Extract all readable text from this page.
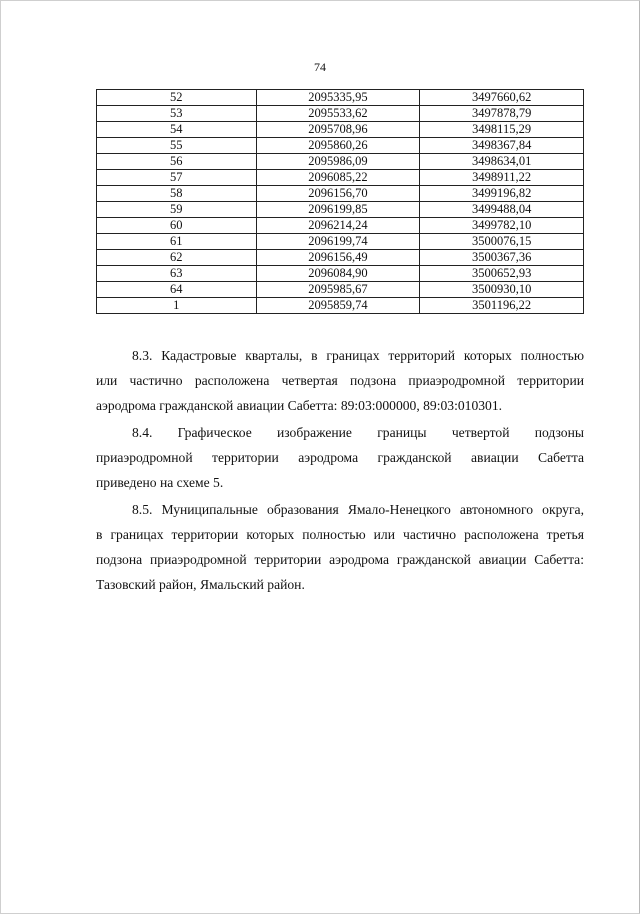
74
52	2095335,95	3497660,62
53	2095533,62	3497878,79
54	2095708,96	3498115,29
55	2095860,26	3498367,84
56	2095986,09	3498634,01
57	2096085,22	3498911,22
58	2096156,70	3499196,82
59	2096199,85	3499488,04
60	2096214,24	3499782,10
61	2096199,74	3500076,15
62	2096156,49	3500367,36
63	2096084,90	3500652,93
64	2095985,67	3500930,10
1	2095859,74	3501196,22
8.3. Кадастровые кварталы, в границах территорий которых полностью
или частично расположена четвертая подзона приаэродромной территории
аэродрома гражданской авиации Сабетта: 89:03:000000, 89:03:010301.
8.4. Графическое изображение границы четвертой подзоны
приаэродромной территории аэродрома гражданской авиации Сабетта
приведено на схеме 5.
8.5. Муниципальные образования Ямало-Ненецкого автономного округа,
в границах территории которых полностью или частично расположена третья
подзона приаэродромной территории аэродрома гражданской авиации Сабетта:
Тазовский район, Ямальский район.
